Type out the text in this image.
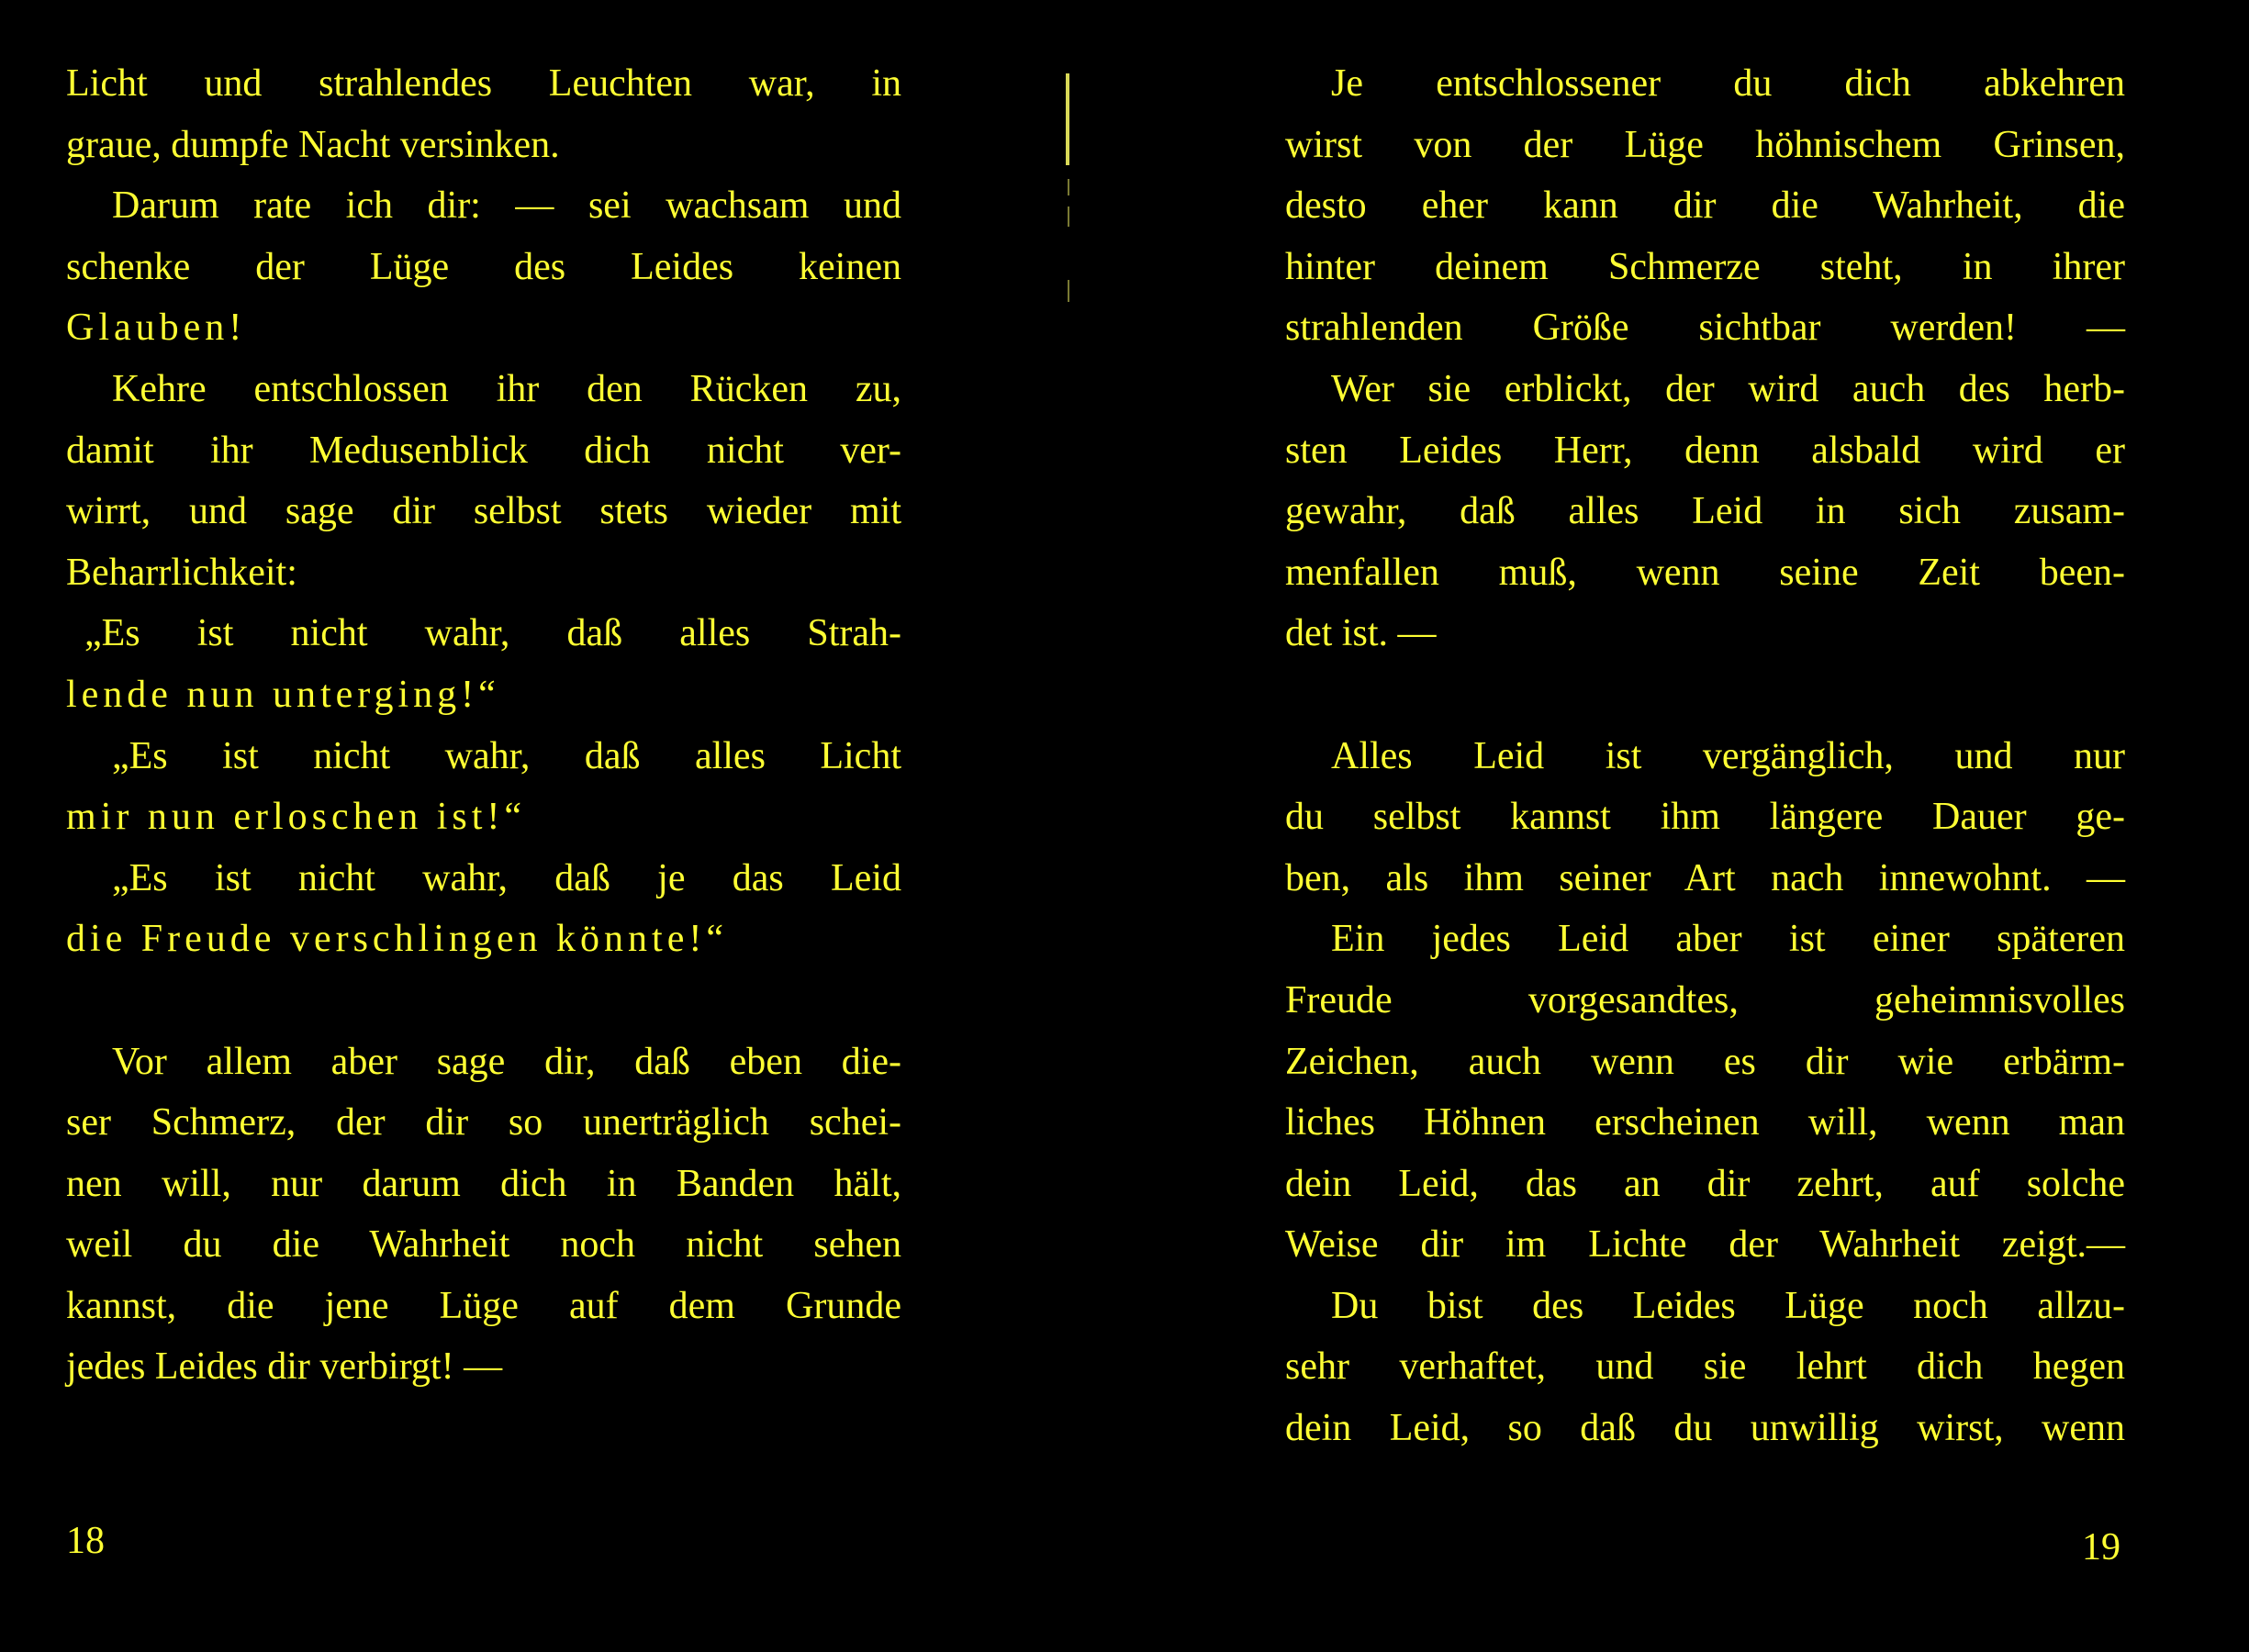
Licht und strahlendes Leuchten war, in
graue, dumpfe Nacht versinken.
Darum rate ich dir: — sei wachsam und
schenke der Lüge des Leides keinen
Glauben!
Kehre entschlossen ihr den Rücken zu,
damit ihr Medusenblick dich nicht ver-
wirrt, und sage dir selbst stets wieder mit
Beharrlichkeit:
„Es ist nicht wahr, daß alles Strah-
lende nun unterging!“
„Es ist nicht wahr, daß alles Licht
mir nun erloschen ist!“
„Es ist nicht wahr, daß je das Leid
die Freude verschlingen könnte!“
Vor allem aber sage dir, daß eben die-
ser Schmerz, der dir so unerträglich schei-
nen will, nur darum dich in Banden hält,
weil du die Wahrheit noch nicht sehen
kannst, die jene Lüge auf dem Grunde
jedes Leides dir verbirgt! —
18
Je entschlossener du dich abkehren
wirst von der Lüge höhnischem Grinsen,
desto eher kann dir die Wahrheit, die
hinter deinem Schmerze steht, in ihrer
strahlenden Größe sichtbar werden! —
Wer sie erblickt, der wird auch des herb-
sten Leides Herr, denn alsbald wird er
gewahr, daß alles Leid in sich zusam-
menfallen muß, wenn seine Zeit been-
det ist. —
Alles Leid ist vergänglich, und nur
du selbst kannst ihm längere Dauer ge-
ben, als ihm seiner Art nach innewohnt. —
Ein jedes Leid aber ist einer späteren
Freude vorgesandtes, geheimnisvolles
Zeichen, auch wenn es dir wie erbärm-
liches Höhnen erscheinen will, wenn man
dein Leid, das an dir zehrt, auf solche
Weise dir im Lichte der Wahrheit zeigt.—
Du bist des Leides Lüge noch allzu-
sehr verhaftet, und sie lehrt dich hegen
dein Leid, so daß du unwillig wirst, wenn
19
